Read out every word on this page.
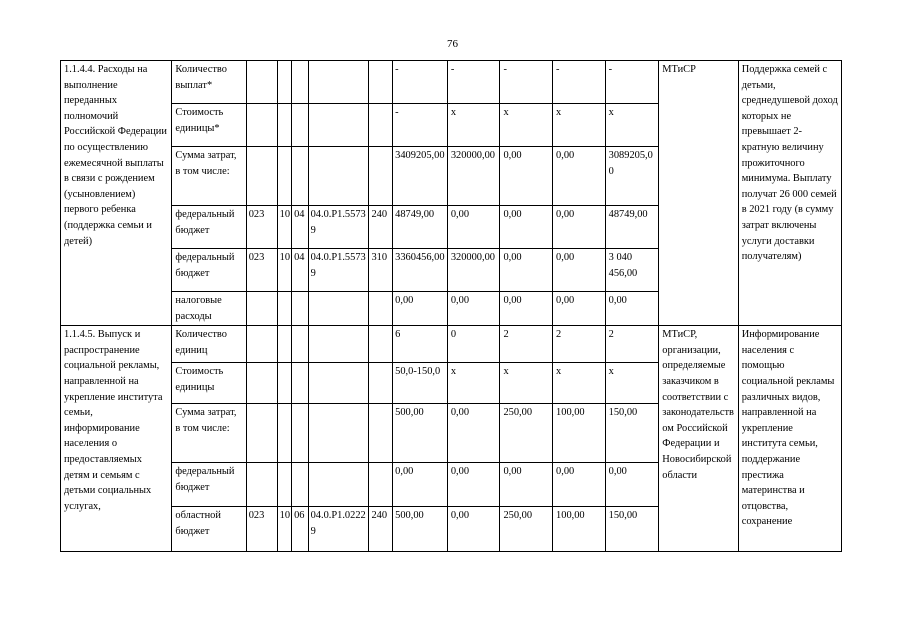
76
1.1.4.4. Расходы на выполнение переданных полномочий Российской Федерации по осуществлению ежемесячной выплаты в связи с рождением (усыновлением) первого ребенка (поддержка семьи и детей)	Количество выплат*						-	-	-	-	-	МТиСР	Поддержка семей с детьми, среднедушевой доход которых не превышает 2-кратную величину прожиточного минимума. Выплату получат 26 000 семей в 2021 году (в сумму затрат включены услуги доставки получателям)
	Стоимость единицы*						-	x	x	x	x		
	Сумма затрат, в том числе:						3409205,00	320000,00	0,00	0,00	3089205,00		
	федеральный бюджет	023	10	04	04.0.P1.55739	240	48749,00	0,00	0,00	0,00	48749,00		
	федеральный бюджет	023	10	04	04.0.P1.55739	310	3360456,00	320000,00	0,00	0,00	3 040 456,00		
	налоговые расходы						0,00	0,00	0,00	0,00	0,00		
1.1.4.5. Выпуск и распространение социальной рекламы, направленной на укрепление института семьи, информирование населения о предоставляемых детям и семьям с детьми социальных услугах,	Количество единиц						6	0	2	2	2	МТиСР, организации, определяемые заказчиком в соответствии с законодательством Российской Федерации и Новосибирской области	Информирование населения с помощью социальной рекламы различных видов, направленной на укрепление института семьи, поддержание престижа материнства и отцовства, сохранение
	Стоимость единицы						50,0-150,0	x	x	x	x		
	Сумма затрат, в том числе:						500,00	0,00	250,00	100,00	150,00		
	федеральный бюджет						0,00	0,00	0,00	0,00	0,00		
	областной бюджет	023	10	06	04.0.P1.02229	240	500,00	0,00	250,00	100,00	150,00		
